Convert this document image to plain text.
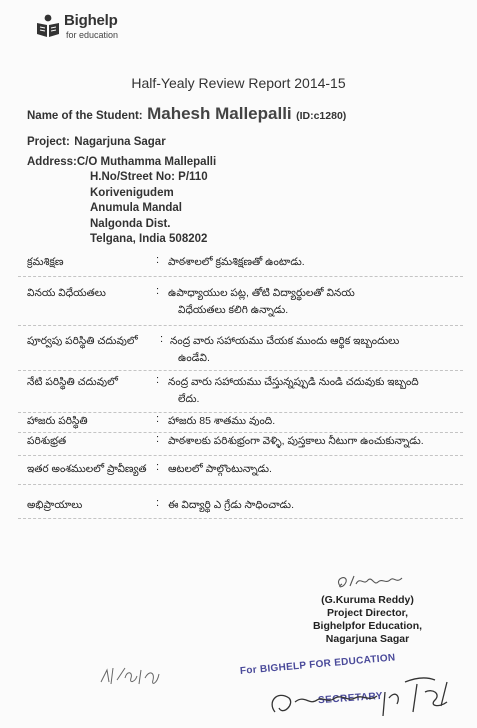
Bighelp
for education
Half-Yealy Review Report 2014-15
Name of the Student: Mahesh Mallepalli (ID:c1280)
Project: Nagarjuna Sagar
Address:C/O Muthamma Mallepalli
H.No/Street No: P/110
Korivenigudem
Anumula Mandal
Nalgonda Dist.
Telgana, India 508202
క్రమశిక్షణ	: పాఠశాలలో క్రమశిక్షణతో ఉంటాడు.
వినయ విధేయతలు	: ఉపాధ్యాయుల పట్ల, తోటి విద్యార్థులతో వినయ
విధేయతలు కలిగి ఉన్నాడు.
పూర్వపు పరిస్థితి చదువులో : నంద్ర వారు సహాయము చేయక ముందు ఆర్థిక ఇబ్బందులు
ఉండేవి.
నేటి పరిస్థితి చదువులో	: నంద్ర వారు సహాయము చేస్తున్నప్పుడి నుండి చదువుకు ఇబ్బంది
లేదు.
హాజరు పరిస్థితి	: హాజరు 85 శాతము వుంది.
పరిశుభ్రత	: పాఠశాలకు పరిశుభ్రంగా వెళ్ళి, పుస్తకాలు నీటుగా ఉంచుకున్నాడు.
ఇతర అంశములలో ప్రావీణ్యత : ఆటలలో పాల్గొంటున్నాడు.
అభిప్రాయాలు	: ఈ విద్యార్థి ఎ గ్రేడు సాధించాడు.
(G.Kuruma Reddy)
Project Director,
Bighelpfor Education,
Nagarjuna Sagar
For BIGHELP FOR EDUCATION
SECRETARY
